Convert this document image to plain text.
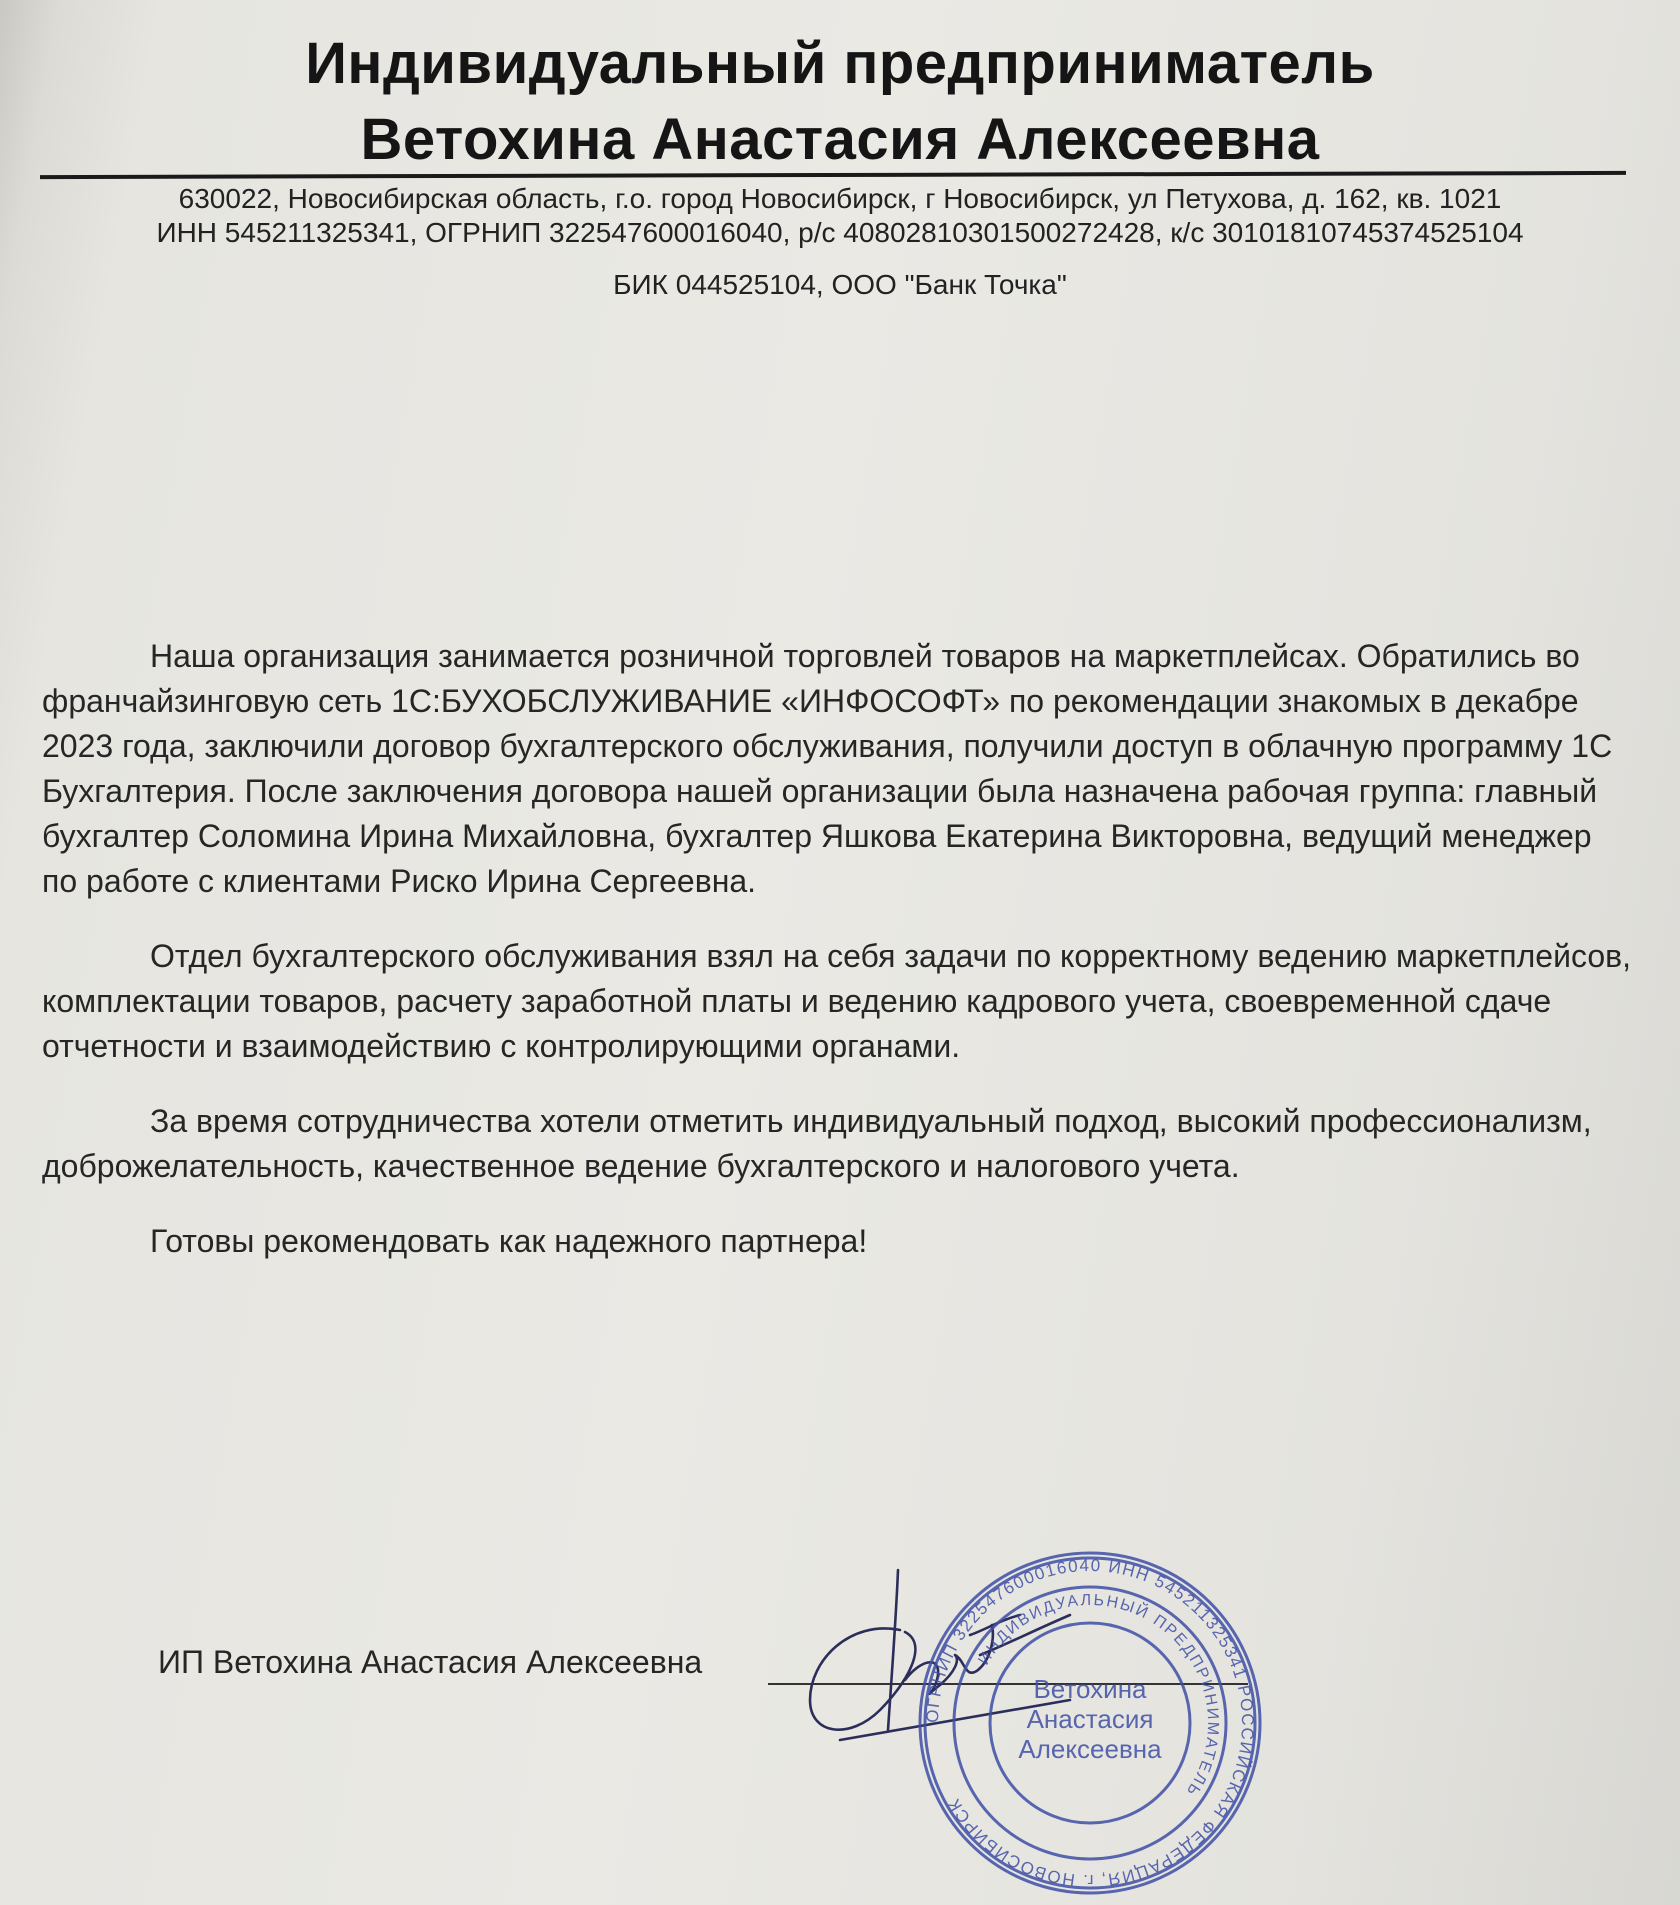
Индивидуальный предприниматель
Ветохина Анастасия Алексеевна
630022, Новосибирская область, г.о. город Новосибирск, г Новосибирск, ул Петухова, д. 162, кв. 1021
ИНН 545211325341, ОГРНИП 322547600016040, р/с 40802810301500272428, к/с 30101810745374525104
БИК 044525104, ООО "Банк Точка"

Наша организация занимается розничной торговлей товаров на маркетплейсах. Обратились во франчайзинговую сеть 1С:БУХОБСЛУЖИВАНИЕ «ИНФОСОФТ» по рекомендации знакомых в декабре 2023 года, заключили договор бухгалтерского обслуживания, получили доступ в облачную программу 1С Бухгалтерия. После заключения договора нашей организации была назначена рабочая группа: главный бухгалтер Соломина Ирина Михайловна, бухгалтер Яшкова Екатерина Викторовна, ведущий менеджер по работе с клиентами Риско Ирина Сергеевна.

Отдел бухгалтерского обслуживания взял на себя задачи по корректному ведению маркетплейсов, комплектации товаров, расчету заработной платы и ведению кадрового учета, своевременной сдаче отчетности и взаимодействию с контролирующими органами.

За время сотрудничества хотели отметить индивидуальный подход, высокий профессионализм, доброжелательность, качественное ведение бухгалтерского и налогового учета.

Готовы рекомендовать как надежного партнера!

ИП Ветохина Анастасия Алексеевна
ОГРНИП 322547600016040 ИНН 545211325341 РОССИЙСКАЯ ФЕДЕРАЦИЯ, г. НОВОСИБИРСК
ИНДИВИДУАЛЬНЫЙ ПРЕДПРИНИМАТЕЛЬ
Ветохина
Анастасия
Алексеевна
